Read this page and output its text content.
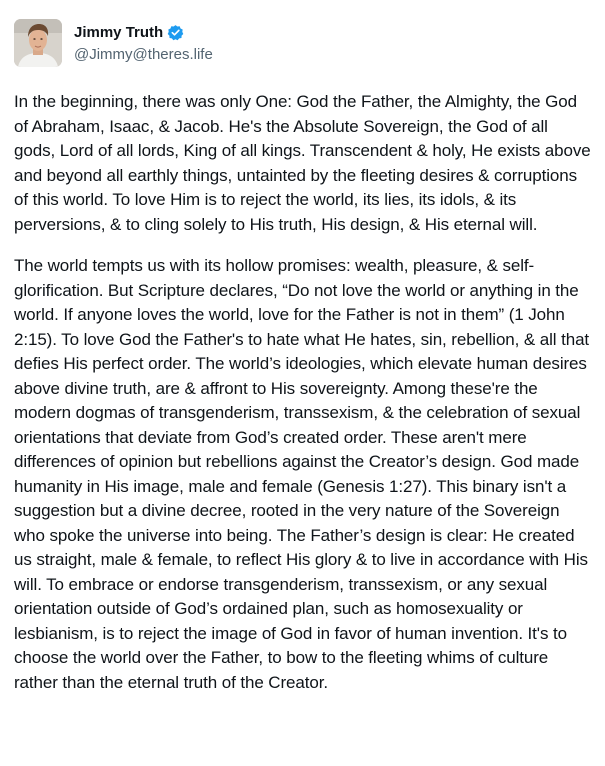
Jimmy Truth
@Jimmy@theres.life

In the beginning, there was only One: God the Father, the Almighty, the God of Abraham, Isaac, & Jacob. He's the Absolute Sovereign, the God of all gods, Lord of all lords, King of all kings. Transcendent & holy, He exists above and beyond all earthly things, untainted by the fleeting desires & corruptions of this world. To love Him is to reject the world, its lies, its idols, & its perversions, & to cling solely to His truth, His design, & His eternal will.

The world tempts us with its hollow promises: wealth, pleasure, & self-glorification. But Scripture declares, “Do not love the world or anything in the world. If anyone loves the world, love for the Father is not in them” (1 John 2:15). To love God the Father's to hate what He hates, sin, rebellion, & all that defies His perfect order. The world’s ideologies, which elevate human desires above divine truth, are & affront to His sovereignty. Among these're the modern dogmas of transgenderism, transsexism, & the celebration of sexual orientations that deviate from God’s created order. These aren't mere differences of opinion but rebellions against the Creator’s design. God made humanity in His image, male and female (Genesis 1:27). This binary isn't a suggestion but a divine decree, rooted in the very nature of the Sovereign who spoke the universe into being. The Father’s design is clear: He created us straight, male & female, to reflect His glory & to live in accordance with His will. To embrace or endorse transgenderism, transsexism, or any sexual orientation outside of God’s ordained plan, such as homosexuality or lesbianism, is to reject the image of God in favor of human invention. It's to choose the world over the Father, to bow to the fleeting whims of culture rather than the eternal truth of the Creator.
